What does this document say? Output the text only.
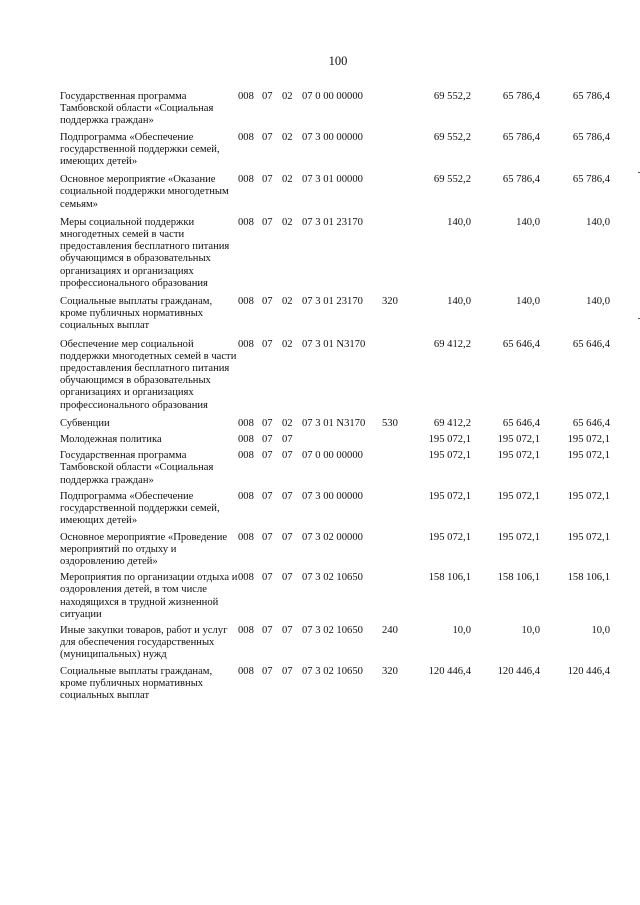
100
Государственная программа Тамбовской области «Социальная поддержка граждан»
008 07 02 07 0 00 00000	69 552,2	65 786,4	65 786,4
Подпрограмма «Обеспечение государственной поддержки семей, имеющих детей»
008 07 02 07 3 00 00000	69 552,2	65 786,4	65 786,4
Основное мероприятие «Оказание социальной поддержки многодетным семьям»
008 07 02 07 3 01 00000	69 552,2	65 786,4	65 786,4
Меры социальной поддержки многодетных семей в части предоставления бесплатного питания обучающимся в образовательных организациях и организациях профессионального образования
008 07 02 07 3 01 23170	140,0	140,0	140,0
Социальные выплаты гражданам, кроме публичных нормативных социальных выплат
008 07 02 07 3 01 23170 320	140,0	140,0	140,0
Обеспечение мер социальной поддержки многодетных семей в части предоставления бесплатного питания обучающимся в образовательных организациях и организациях профессионального образования
008 07 02 07 3 01 N3170	69 412,2	65 646,4	65 646,4
Субвенции	008 07 02 07 3 01 N3170 530	69 412,2	65 646,4	65 646,4
Молодежная политика	008 07 07	195 072,1	195 072,1	195 072,1
Государственная программа Тамбовской области «Социальная поддержка граждан»
008 07 07 07 0 00 00000	195 072,1	195 072,1	195 072,1
Подпрограмма «Обеспечение государственной поддержки семей, имеющих детей»
008 07 07 07 3 00 00000	195 072,1	195 072,1	195 072,1
Основное мероприятие «Проведение мероприятий по отдыху и оздоровлению детей»
008 07 07 07 3 02 00000	195 072,1	195 072,1	195 072,1
Мероприятия по организации отдыха и оздоровления детей, в том числе находящихся в трудной жизненной ситуации
008 07 07 07 3 02 10650	158 106,1	158 106,1	158 106,1
Иные закупки товаров, работ и услуг для обеспечения государственных (муниципальных) нужд
008 07 07 07 3 02 10650 240	10,0	10,0	10,0
Социальные выплаты гражданам, кроме публичных нормативных социальных выплат
008 07 07 07 3 02 10650 320	120 446,4	120 446,4	120 446,4
